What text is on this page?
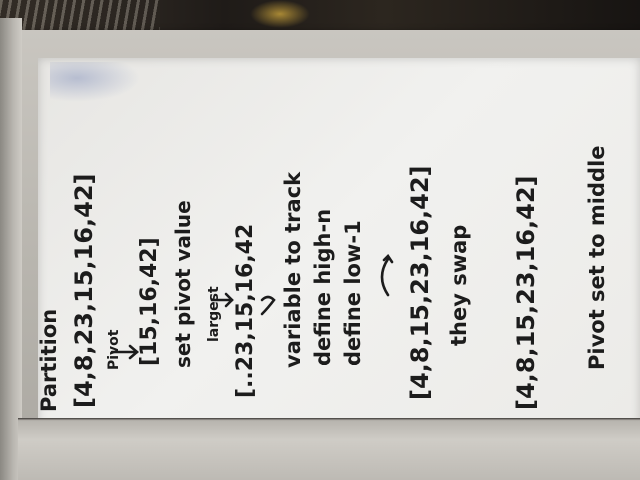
Partition [4,8,23,15,16,42] Pivot [15,16,42] set pivot value largest [..23,15,16,42 variable to track define high-n define low-1 [4,8,15,23,16,42] they swap [4,8,15,23,16,42] Pivot set to middle
